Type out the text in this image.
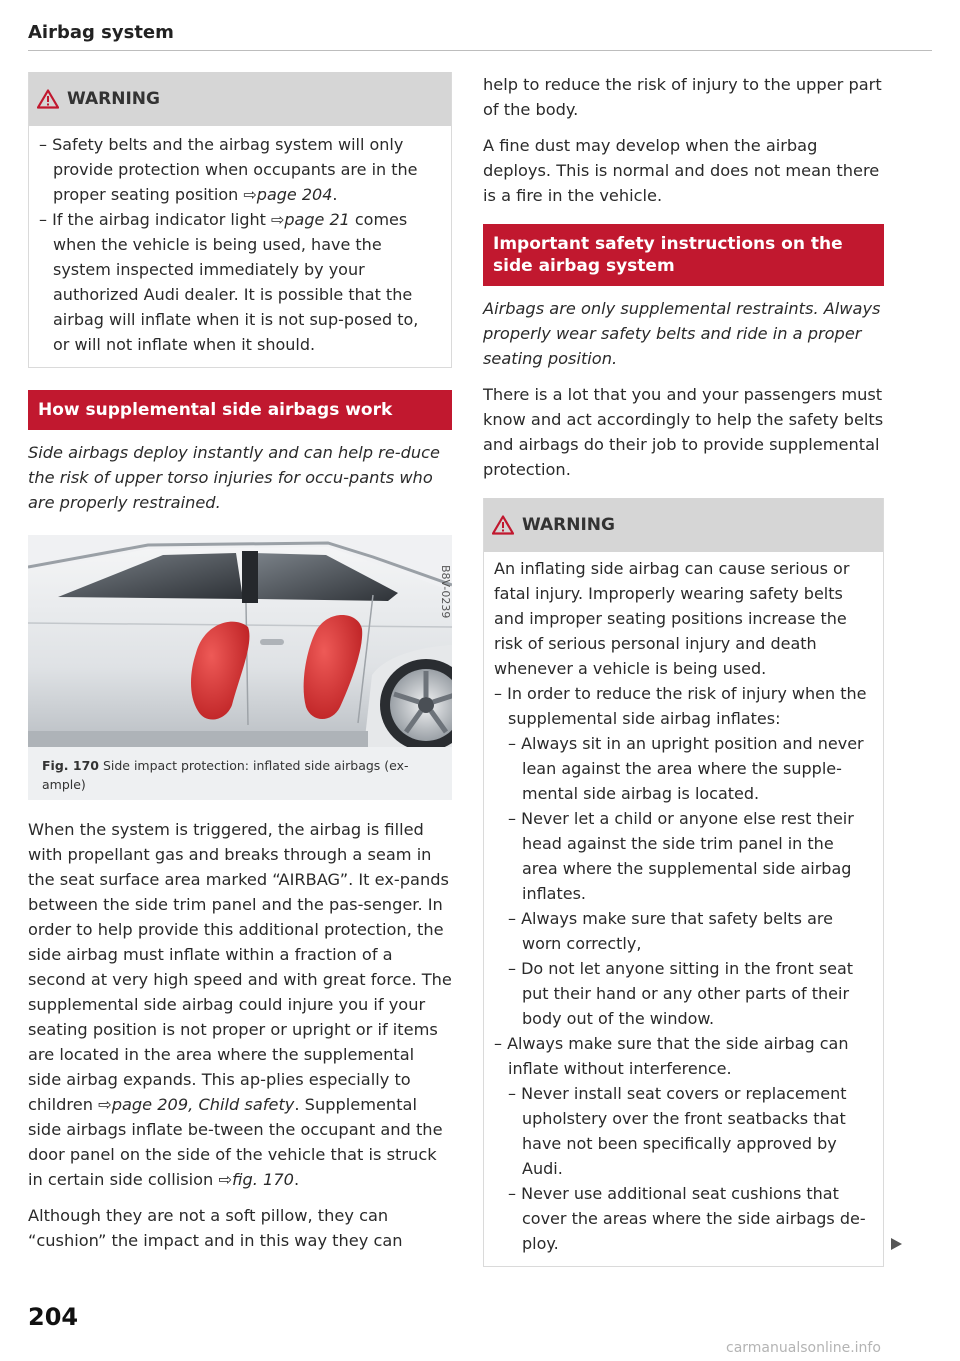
Airbag system
WARNING
– Safety belts and the airbag system will only provide protection when occupants are in the proper seating position ⇨page 204.
– If the airbag indicator light ⇨page 21 comes when the vehicle is being used, have the system inspected immediately by your authorized Audi dealer. It is possible that the airbag will inflate when it is not sup-posed to, or will not inflate when it should.
How supplemental side airbags work

Side airbags deploy instantly and can help re-duce the risk of upper torso injuries for occu-pants who are properly restrained.

B8V-0239
Fig. 170 Side impact protection: inflated side airbags (ex-ample)

When the system is triggered, the airbag is filled with propellant gas and breaks through a seam in the seat surface area marked “AIRBAG”. It ex-pands between the side trim panel and the pas-senger. In order to help provide this additional protection, the side airbag must inflate within a fraction of a second at very high speed and with great force. The supplemental side airbag could injure you if your seating position is not proper or upright or if items are located in the area where the supplemental side airbag expands. This ap-plies especially to children ⇨page 209, Child safety. Supplemental side airbags inflate be-tween the occupant and the door panel on the side of the vehicle that is struck in certain side collision ⇨fig. 170.

Although they are not a soft pillow, they can “cushion” the impact and in this way they can

help to reduce the risk of injury to the upper part of the body.

A fine dust may develop when the airbag deploys. This is normal and does not mean there is a fire in the vehicle.

Important safety instructions on the side airbag system

Airbags are only supplemental restraints. Always properly wear safety belts and ride in a proper seating position.

There is a lot that you and your passengers must know and act accordingly to help the safety belts and airbags do their job to provide supplemental protection.

WARNING
An inflating side airbag can cause serious or fatal injury. Improperly wearing safety belts and improper seating positions increase the risk of serious personal injury and death whenever a vehicle is being used.
– In order to reduce the risk of injury when the supplemental side airbag inflates:
– Always sit in an upright position and never lean against the area where the supple-mental side airbag is located.
– Never let a child or anyone else rest their head against the side trim panel in the area where the supplemental side airbag inflates.
– Always make sure that safety belts are worn correctly,
– Do not let anyone sitting in the front seat put their hand or any other parts of their body out of the window.
– Always make sure that the side airbag can inflate without interference.
– Never install seat covers or replacement upholstery over the front seatbacks that have not been specifically approved by Audi.
– Never use additional seat cushions that cover the areas where the side airbags de-ploy.
204
carmanualsonline.info
